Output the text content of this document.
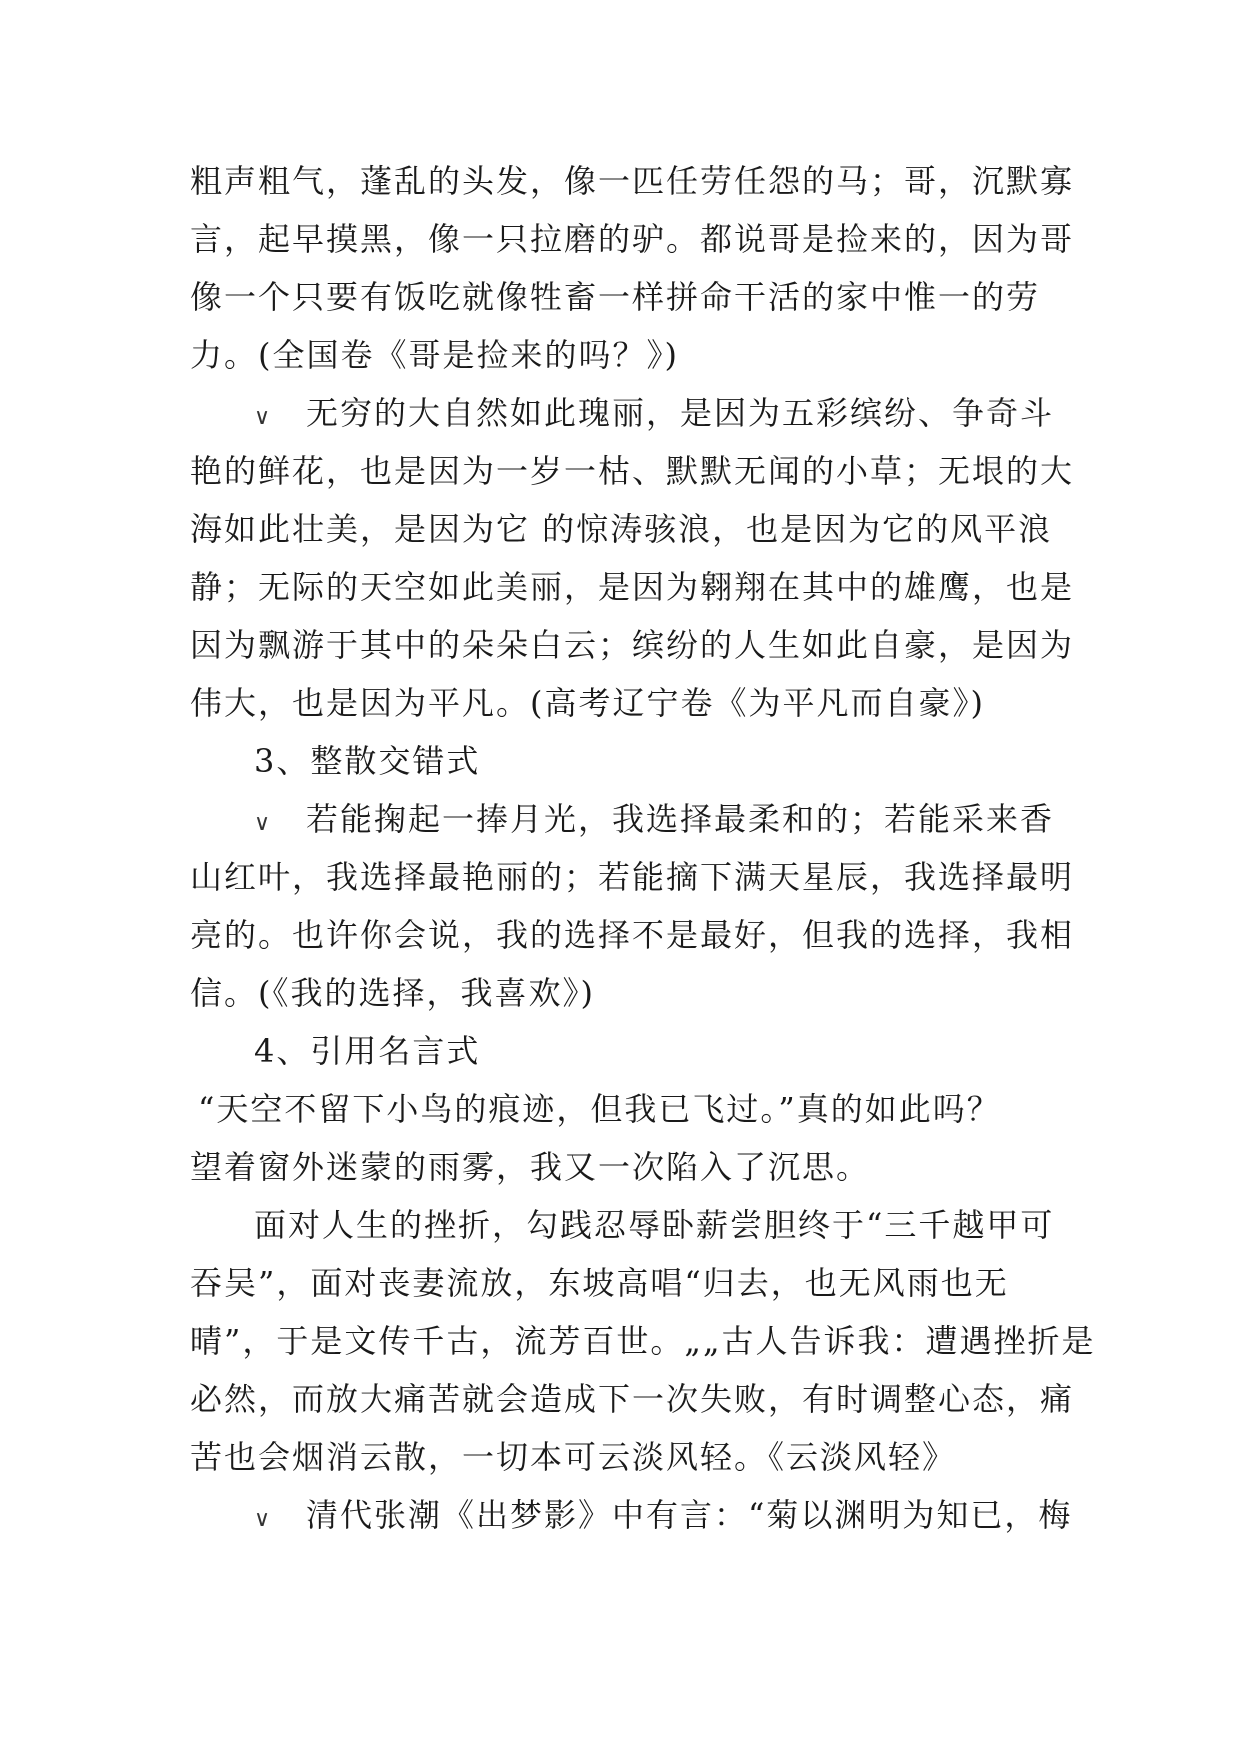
粗声粗气，蓬乱的头发，像一匹任劳任怨的马；哥，沉默寡
言，起早摸黑，像一只拉磨的驴。都说哥是捡来的，因为哥
像一个只要有饭吃就像牲畜一样拼命干活的家中惟一的劳
力。(全国卷《哥是捡来的吗？》)
∨ 无穷的大自然如此瑰丽，是因为五彩缤纷、争奇斗
艳的鲜花，也是因为一岁一枯、默默无闻的小草；无垠的大
海如此壮美，是因为它 的惊涛骇浪，也是因为它的风平浪
静；无际的天空如此美丽，是因为翱翔在其中的雄鹰，也是
因为飘游于其中的朵朵白云；缤纷的人生如此自豪，是因为
伟大，也是因为平凡。(高考辽宁卷《为平凡而自豪》)
3、整散交错式
∨ 若能掬起一捧月光，我选择最柔和的；若能采来香
山红叶，我选择最艳丽的；若能摘下满天星辰，我选择最明
亮的。也许你会说，我的选择不是最好，但我的选择，我相
信。(《我的选择，我喜欢》)
4、引用名言式
“天空不留下小鸟的痕迹，但我已飞过。”真的如此吗？
望着窗外迷蒙的雨雾，我又一次陷入了沉思。
面对人生的挫折，勾践忍辱卧薪尝胆终于“三千越甲可
吞吴”，面对丧妻流放，东坡高唱“归去，也无风雨也无
晴”，于是文传千古，流芳百世。„„古人告诉我：遭遇挫折是
必然，而放大痛苦就会造成下一次失败，有时调整心态，痛
苦也会烟消云散，一切本可云淡风轻。《云淡风轻》
∨ 清代张潮《出梦影》中有言：“菊以渊明为知已，梅
